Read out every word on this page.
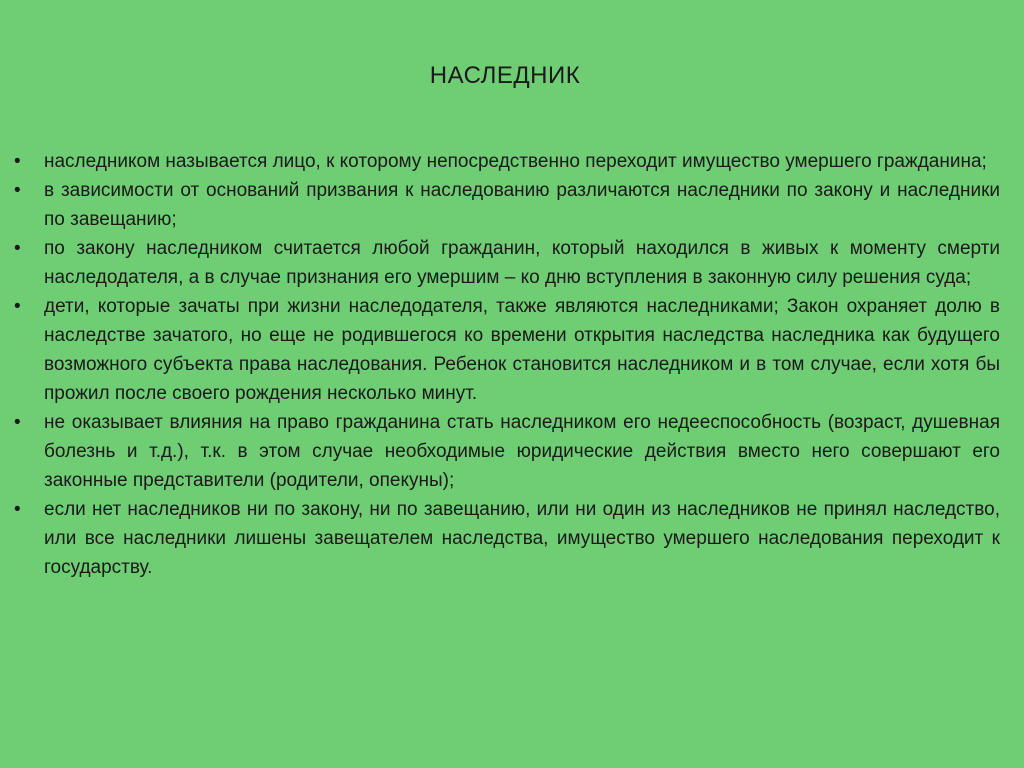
НАСЛЕДНИК
•	наследником называется лицо, к которому непосредственно переходит имущество умершего гражданина;
•	в зависимости от оснований призвания к наследованию различаются наследники по закону и наследники по завещанию;
•	по закону наследником считается любой гражданин, который находился в живых к моменту смерти наследодателя, а в случае признания его умершим – ко дню вступления в законную силу решения суда;
•	дети, которые зачаты при жизни наследодателя, также являются наследниками; Закон охраняет долю в наследстве зачатого, но еще не родившегося ко времени открытия наследства наследника как будущего возможного субъекта права наследования. Ребенок становится наследником и в том случае, если хотя бы прожил после своего рождения несколько минут.
•	не оказывает влияния на право гражданина стать наследником его недееспособность (возраст, душевная болезнь и т.д.), т.к. в этом случае необходимые юридические действия вместо него совершают его законные представители (родители, опекуны);
•	если нет наследников ни по закону, ни по завещанию, или ни один из наследников не принял наследство, или все наследники лишены завещателем наследства, имущество умершего наследования переходит к государству.
